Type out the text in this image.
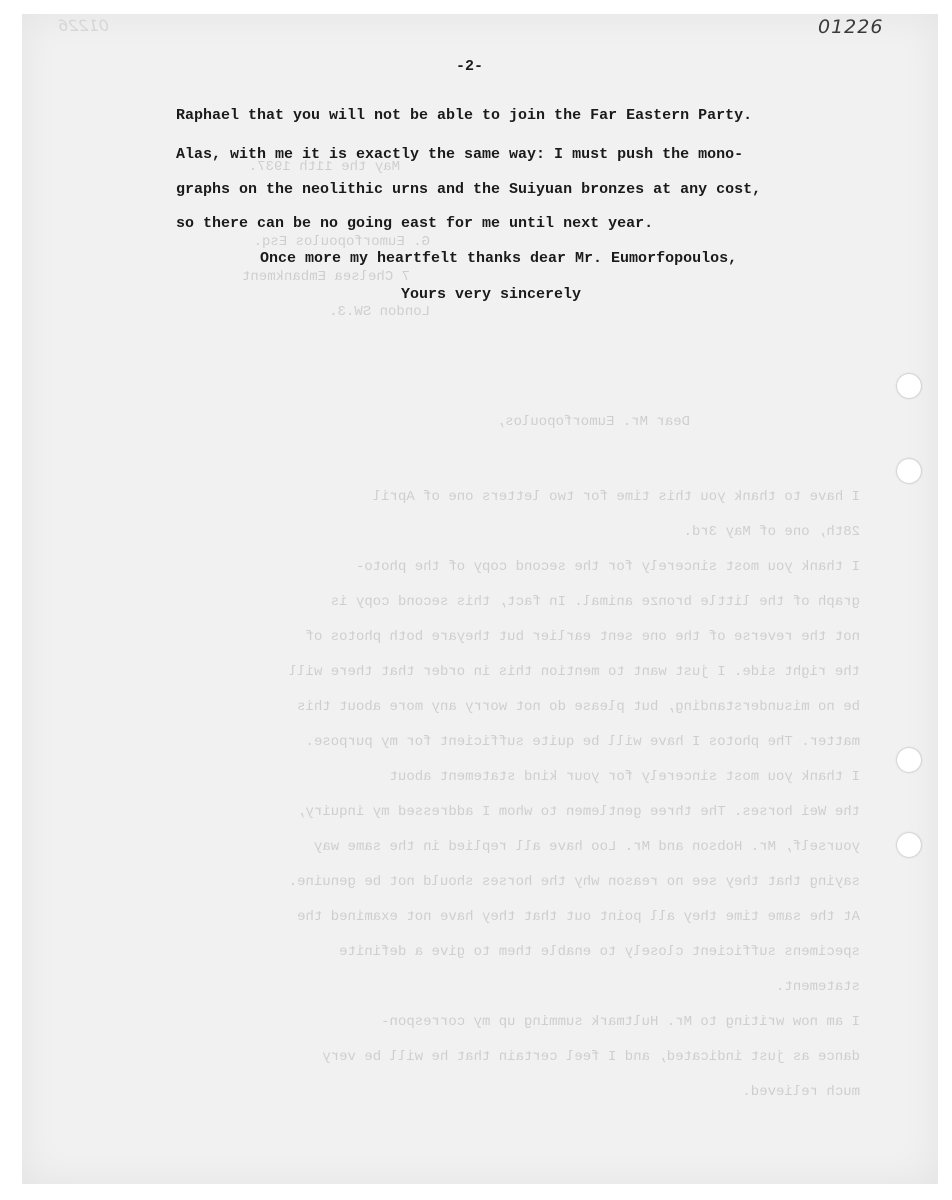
01226
May the 11th 1937.
G. Eumorfopoulos Esq.
7 Chelsea Embankment
London SW.3.
Dear Mr. Eumorfopoulos,
I have to thank you this time for two letters one of April
28th, one of May 3rd.
I thank you most sincerely for the second copy of the photo-
graph of the little bronze animal. In fact, this second copy is
not the reverse of the one sent earlier but theyare both photos of
the right side. I just want to mention this in order that there will
be no misunderstanding, but please do not worry any more about this
matter. The photos I have will be quite sufficient for my purpose.
I thank you most sincerely for your kind statement about
the Wei horses. The three gentlemen to whom I addressed my inquiry,
yourself, Mr. Hobson and Mr. Loo have all replied in the same way
saying that they see no reason why the horses should not be genuine.
At the same time they all point out that they have not examined the
specimens sufficient closely to enable them to give a definite
statement.
I am now writing to Mr. Hultmark summing up my correspon-
dance as just indicated, and I feel certain that he will be very
much relieved.
01226
-2-
Raphael that you will not be able to join the Far Eastern Party.
Alas, with me it is exactly the same way: I must push the mono-
graphs on the neolithic urns and the Suiyuan bronzes at any cost,
so there can be no going east for me until next year.
Once more my heartfelt thanks dear Mr. Eumorfopoulos,
Yours very sincerely
